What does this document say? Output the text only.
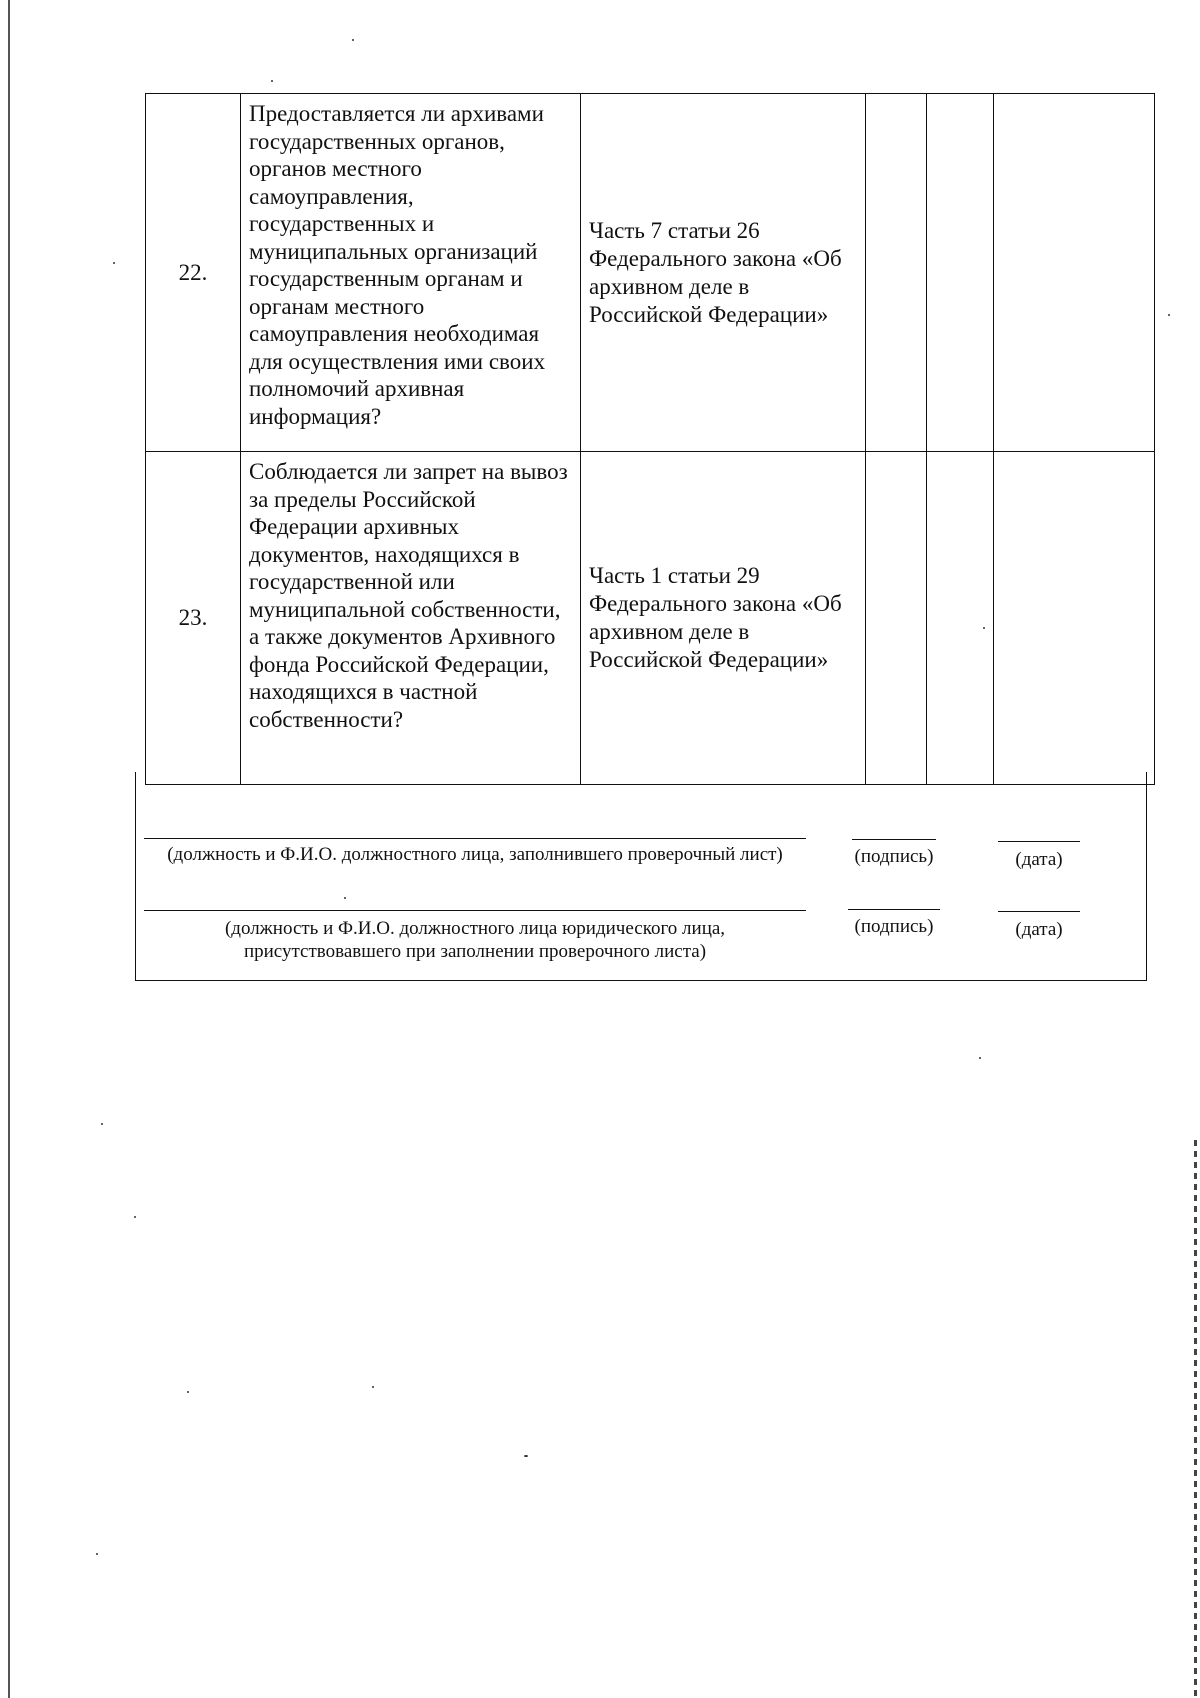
22.	Предоставляется ли архивами государственных органов, органов местного самоуправления, государственных и муниципальных организаций государственным органам и органам местного самоуправления необходимая для осуществления ими своих полномочий архивная информация?	Часть 7 статьи 26 Федерального закона «Об архивном деле в Российской Федерации»			
23.	Соблюдается ли запрет на вывоз за пределы Российской Федерации архивных документов, находящихся в государственной или муниципальной собственности, а также документов Архивного фонда Российской Федерации, находящихся в частной собственности?	Часть 1 статьи 29 Федерального закона «Об архивном деле в Российской Федерации»			
(должность и Ф.И.О. должностного лица, заполнившего проверочный лист)	(подпись)	(дата)
(должность и Ф.И.О. должностного лица юридического лица,
присутствовавшего при заполнении проверочного листа)
(подпись)	(дата)
